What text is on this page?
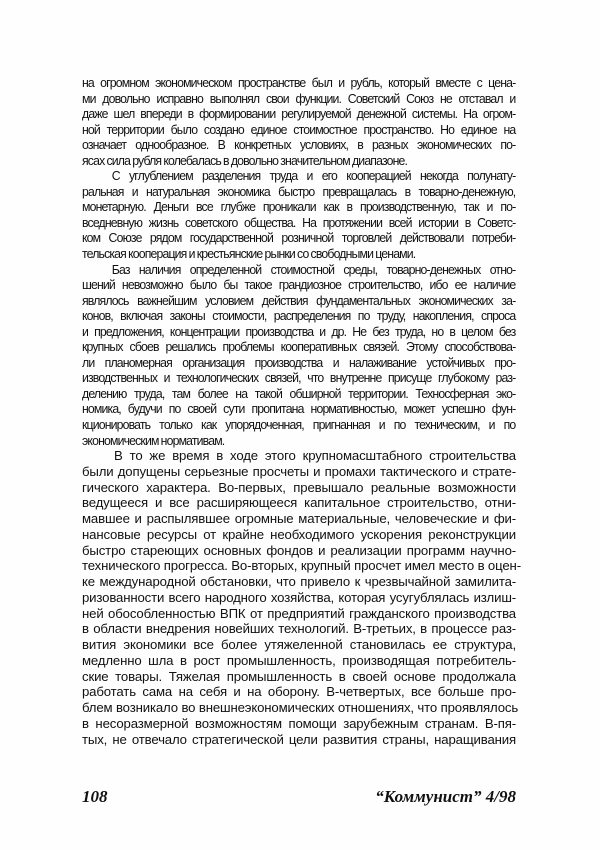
на огромном экономическом пространстве был и рубль, который вместе с цена-
ми довольно исправно выполнял свои функции. Советский Союз не отставал и
даже шел впереди в формировании регулируемой денежной системы. На огром-
ной территории было создано единое стоимостное пространство. Но единое на
означает однообразное. В конкретных условиях, в разных экономических по-
ясах сила рубля колебалась в довольно значительном диапазоне.
С углублением разделения труда и его кооперацией некогда полунату-
ральная и натуральная экономика быстро превращалась в товарно-денежную,
монетарную. Деньги все глубже проникали как в производственную, так и по-
вседневную жизнь советского общества. На протяжении всей истории в Советс-
ком Союзе рядом государственной розничной торговлей действовали потреби-
тельская кооперация и крестьянские рынки со свободными ценами.
Баз наличия определенной стоимостной среды, товарно-денежных отно-
шений невозможно было бы такое грандиозное строительство, ибо ее наличие
являлось важнейшим условием действия фундаментальных экономических за-
конов, включая законы стоимости, распределения по труду, накопления, спроса
и предложения, концентрации производства и др. Не без труда, но в целом без
крупных сбоев решались проблемы кооперативных связей. Этому способствова-
ли планомерная организация производства и налаживание устойчивых про-
изводственных и технологических связей, что внутренне присуще глубокому раз-
делению труда, там более на такой обширной территории. Техносферная эко-
номика, будучи по своей сути пропитана нормативностью, может успешно фун-
кционировать только как упорядоченная, пригнанная и по техническим, и по
экономическим нормативам.
В то же время в ходе этого крупномасштабного строительства
были допущены серьезные просчеты и промахи тактического и страте-
гического характера. Во-первых, превышало реальные возможности
ведущееся и все расширяющееся капитальное строительство, отни-
мавшее и распылявшее огромные материальные, человеческие и фи-
нансовые ресурсы от крайне необходимого ускорения реконструкции
быстро стареющих основных фондов и реализации программ научно-
технического прогресса. Во-вторых, крупный просчет имел место в оцен-
ке международной обстановки, что привело к чрезвычайной замилита-
ризованности всего народного хозяйства, которая усугублялась излиш-
ней обособленностью ВПК от предприятий гражданского производства
в области внедрения новейших технологий. В-третьих, в процессе раз-
вития экономики все более утяжеленной становилась ее структура,
медленно шла в рост промышленность, производящая потребитель-
ские товары. Тяжелая промышленность в своей основе продолжала
работать сама на себя и на оборону. В-четвертых, все больше про-
блем возникало во внешнеэкономических отношениях, что проявлялось
в несоразмерной возможностям помощи зарубежным странам. В-пя-
тых, не отвечало стратегической цели развития страны, наращивания
108	“Коммунист” 4/98
